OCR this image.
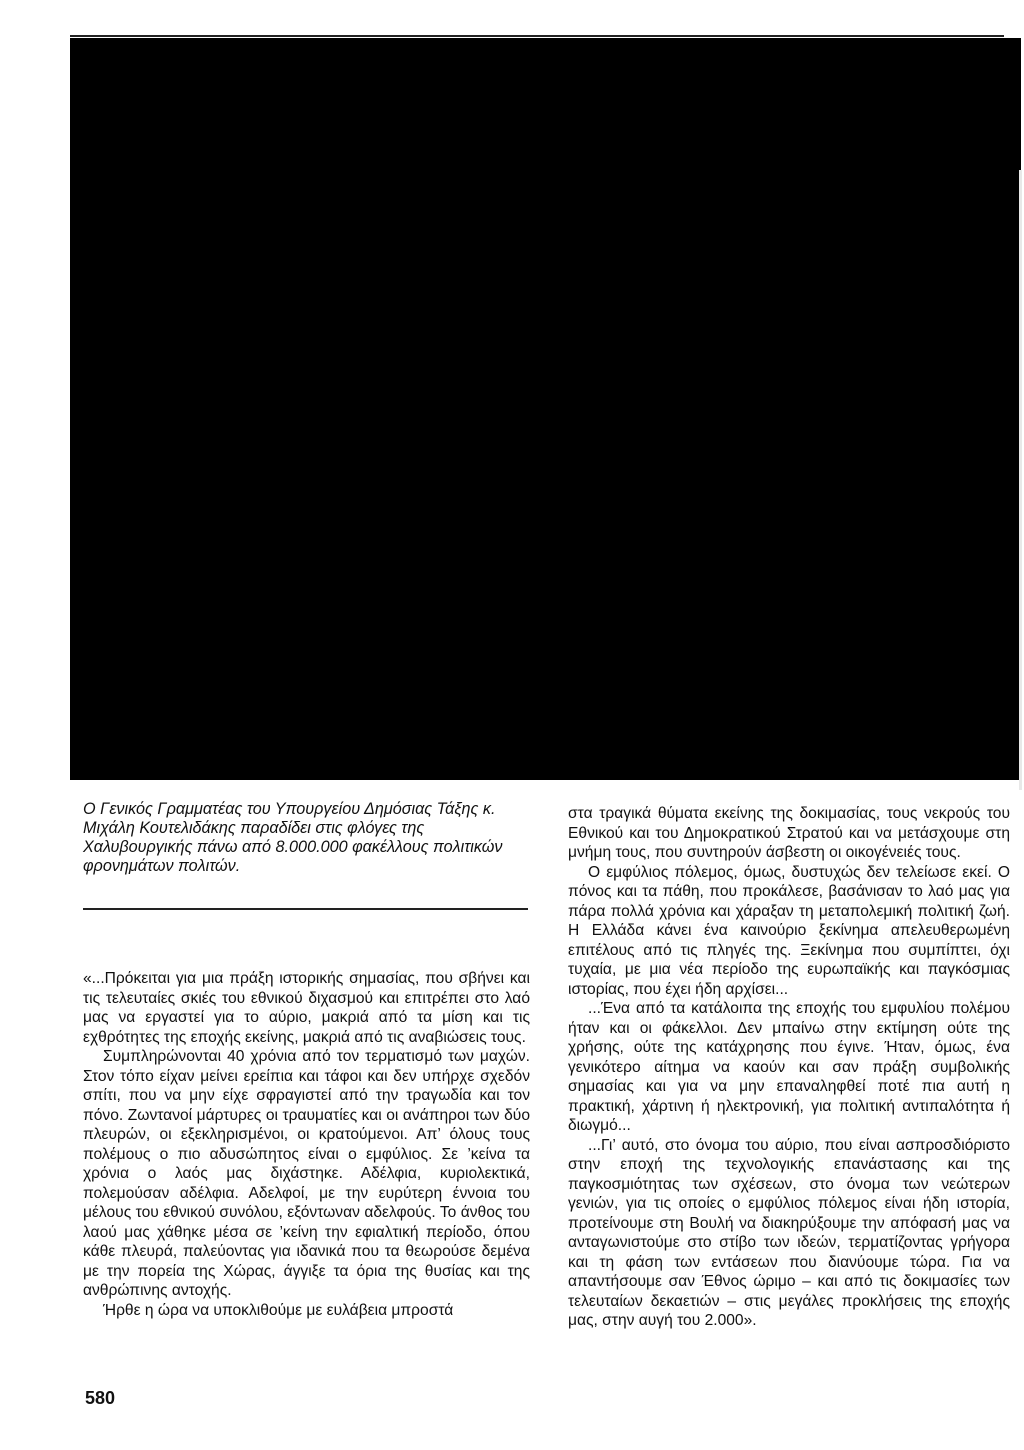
Ο Γενικός Γραμματέας του Υπουργείου Δημόσιας Τάξης κ. Μιχάλη Κουτελιδάκης παραδίδει στις φλόγες της Χαλυβουργικής πάνω από 8.000.000 φακέλλους πολιτικών φρονημάτων πολιτών.

«...Πρόκειται για μια πράξη ιστορικής σημασίας, που σβήνει και τις τελευταίες σκιές του εθνικού διχασμού και επιτρέπει στο λαό μας να εργαστεί για το αύριο, μακριά από τα μίση και τις εχθρότητες της εποχής εκείνης, μακριά από τις αναβιώσεις τους.

Συμπληρώνονται 40 χρόνια από τον τερματισμό των μαχών. Στον τόπο είχαν μείνει ερείπια και τάφοι και δεν υπήρχε σχεδόν σπίτι, που να μην είχε σφραγιστεί από την τραγωδία και τον πόνο. Ζωντανοί μάρτυρες οι τραυματίες και οι ανάπηροι των δύο πλευρών, οι εξεκληρισμένοι, οι κρατούμενοι. Απ’ όλους τους πολέμους ο πιο αδυσώπητος είναι ο εμφύλιος. Σε ’κείνα τα χρόνια ο λαός μας διχάστηκε. Αδέλφια, κυριολεκτικά, πολεμούσαν αδέλφια. Αδελφοί, με την ευρύτερη έννοια του μέλους του εθνικού συνόλου, εξόντωναν αδελφούς. Το άνθος του λαού μας χάθηκε μέσα σε ’κείνη την εφιαλτική περίοδο, όπου κάθε πλευρά, παλεύοντας για ιδανικά που τα θεωρούσε δεμένα με την πορεία της Χώρας, άγγιξε τα όρια της θυσίας και της ανθρώπινης αντοχής.

Ήρθε η ώρα να υποκλιθούμε με ευλάβεια μπροστά

στα τραγικά θύματα εκείνης της δοκιμασίας, τους νεκρούς του Εθνικού και του Δημοκρατικού Στρατού και να μετάσχουμε στη μνήμη τους, που συντηρούν άσβεστη οι οικογένειές τους.

Ο εμφύλιος πόλεμος, όμως, δυστυχώς δεν τελείωσε εκεί. Ο πόνος και τα πάθη, που προκάλεσε, βασάνισαν το λαό μας για πάρα πολλά χρόνια και χάραξαν τη μεταπολεμική πολιτική ζωή. Η Ελλάδα κάνει ένα καινούριο ξεκίνημα απελευθερωμένη επιτέλους από τις πληγές της. Ξεκίνημα που συμπίπτει, όχι τυχαία, με μια νέα περίοδο της ευρωπαϊκής και παγκόσμιας ιστορίας, που έχει ήδη αρχίσει...

...Ένα από τα κατάλοιπα της εποχής του εμφυλίου πολέμου ήταν και οι φάκελλοι. Δεν μπαίνω στην εκτίμηση ούτε της χρήσης, ούτε της κατάχρησης που έγινε. Ήταν, όμως, ένα γενικότερο αίτημα να καούν και σαν πράξη συμβολικής σημασίας και για να μην επαναληφθεί ποτέ πια αυτή η πρακτική, χάρτινη ή ηλεκτρονική, για πολιτική αντιπαλότητα ή διωγμό...

...Γι’ αυτό, στο όνομα του αύριο, που είναι ασπροσδιόριστο στην εποχή της τεχνολογικής επανάστασης και της παγκοσμιότητας των σχέσεων, στο όνομα των νεώτερων γενιών, για τις οποίες ο εμφύλιος πόλεμος είναι ήδη ιστορία, προτείνουμε στη Βουλή να διακηρύξουμε την απόφασή μας να ανταγωνιστούμε στο στίβο των ιδεών, τερματίζοντας γρήγορα και τη φάση των εντάσεων που διανύουμε τώρα. Για να απαντήσουμε σαν Έθνος ώριμο – και από τις δοκιμασίες των τελευταίων δεκαετιών – στις μεγάλες προκλήσεις της εποχής μας, στην αυγή του 2.000».

580
